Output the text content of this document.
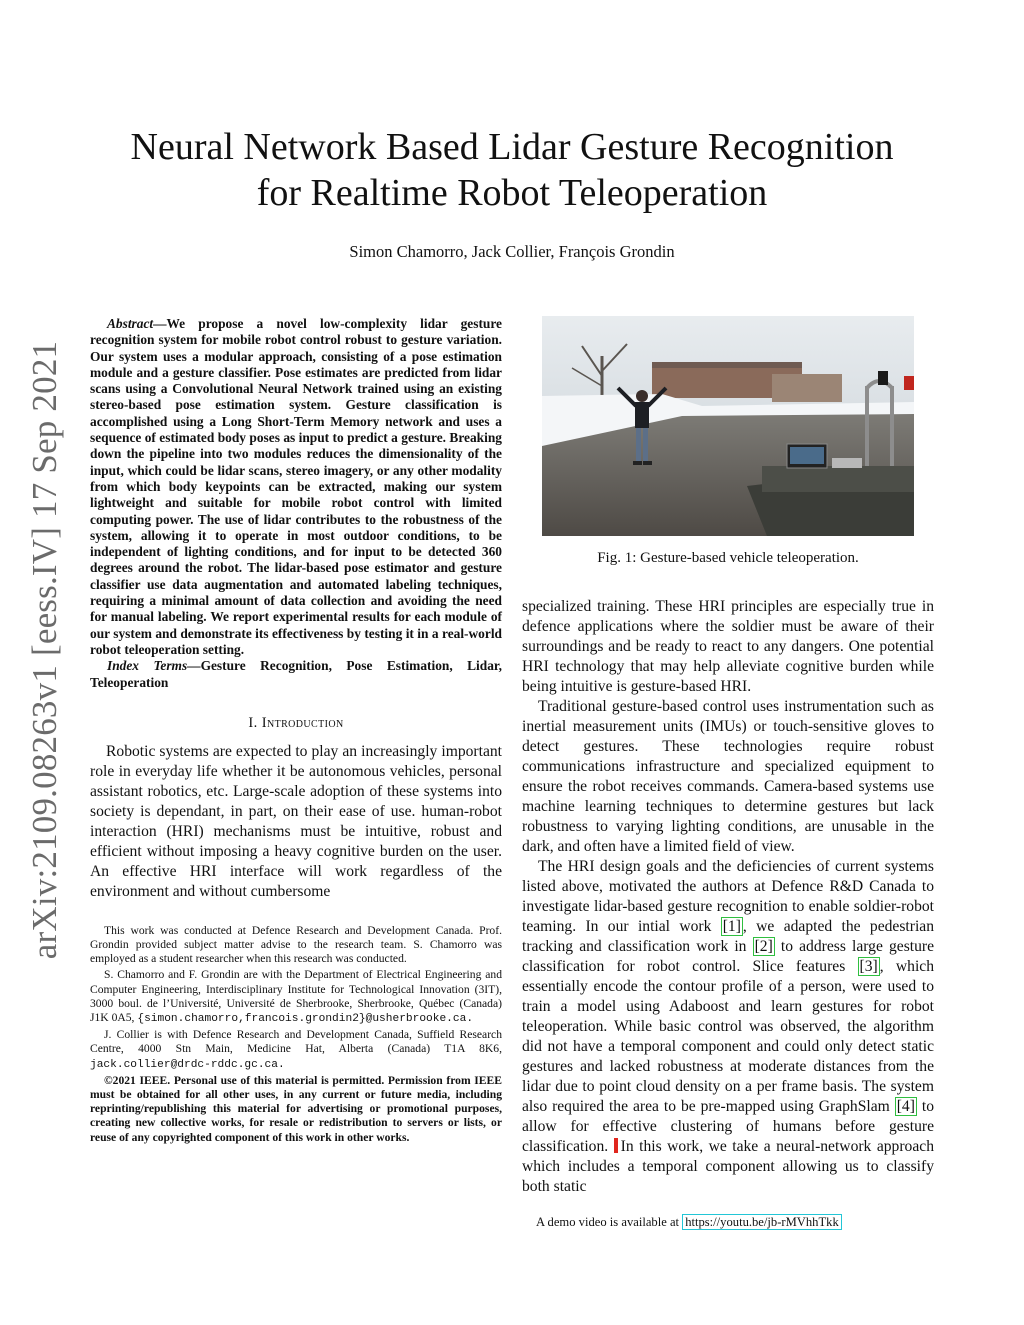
arXiv:2109.08263v1 [eess.IV] 17 Sep 2021
Neural Network Based Lidar Gesture Recognition
for Realtime Robot Teleoperation
Simon Chamorro, Jack Collier, François Grondin

Abstract—We propose a novel low-complexity lidar gesture recognition system for mobile robot control robust to gesture variation. Our system uses a modular approach, consisting of a pose estimation module and a gesture classifier. Pose estimates are predicted from lidar scans using a Convolutional Neural Network trained using an existing stereo-based pose estimation system. Gesture classification is accomplished using a Long Short-Term Memory network and uses a sequence of estimated body poses as input to predict a gesture. Breaking down the pipeline into two modules reduces the dimensionality of the input, which could be lidar scans, stereo imagery, or any other modality from which body keypoints can be extracted, making our system lightweight and suitable for mobile robot control with limited computing power. The use of lidar contributes to the robustness of the system, allowing it to operate in most outdoor conditions, to be independent of lighting conditions, and for input to be detected 360 degrees around the robot. The lidar-based pose estimator and gesture classifier use data augmentation and automated labeling techniques, requiring a minimal amount of data collection and avoiding the need for manual labeling. We report experimental results for each module of our system and demonstrate its effectiveness by testing it in a real-world robot teleoperation setting.

Index Terms—Gesture Recognition, Pose Estimation, Lidar, Teleoperation

I. Introduction

Robotic systems are expected to play an increasingly important role in everyday life whether it be autonomous vehicles, personal assistant robotics, etc. Large-scale adoption of these systems into society is dependant, in part, on their ease of use. human-robot interaction (HRI) mechanisms must be intuitive, robust and efficient without imposing a heavy cognitive burden on the user. An effective HRI interface will work regardless of the environment and without cumbersome

This work was conducted at Defence Research and Development Canada. Prof. Grondin provided subject matter advise to the research team. S. Chamorro was employed as a student researcher when this research was conducted.

S. Chamorro and F. Grondin are with the Department of Electrical Engineering and Computer Engineering, Interdisciplinary Institute for Technological Innovation (3IT), 3000 boul. de l’Université, Université de Sherbrooke, Sherbrooke, Québec (Canada) J1K 0A5, {simon.chamorro,francois.grondin2}@usherbrooke.ca.

J. Collier is with Defence Research and Development Canada, Suffield Research Centre, 4000 Stn Main, Medicine Hat, Alberta (Canada) T1A 8K6, jack.collier@drdc-rddc.gc.ca.

©2021 IEEE. Personal use of this material is permitted. Permission from IEEE must be obtained for all other uses, in any current or future media, including reprinting/republishing this material for advertising or promotional purposes, creating new collective works, for resale or redistribution to servers or lists, or reuse of any copyrighted component of this work in other works.

Fig. 1: Gesture-based vehicle teleoperation.

specialized training. These HRI principles are especially true in defence applications where the soldier must be aware of their surroundings and be ready to react to any dangers. One potential HRI technology that may help alleviate cognitive burden while being intuitive is gesture-based HRI.

Traditional gesture-based control uses instrumentation such as inertial measurement units (IMUs) or touch-sensitive gloves to detect gestures. These technologies require robust communications infrastructure and specialized equipment to ensure the robot receives commands. Camera-based systems use machine learning techniques to determine gestures but lack robustness to varying lighting conditions, are unusable in the dark, and often have a limited field of view.

The HRI design goals and the deficiencies of current systems listed above, motivated the authors at Defence R&D Canada to investigate lidar-based gesture recognition to enable soldier-robot teaming. In our intial work [1] , we adapted the pedestrian tracking and classification work in [2] to address large gesture classification for robot control. Slice features [3] , which essentially encode the contour profile of a person, were used to train a model using Adaboost and learn gestures for robot teleoperation. While basic control was observed, the algorithm did not have a temporal component and could only detect static gestures and lacked robustness at moderate distances from the lidar due to point cloud density on a per frame basis. The system also required the area to be pre-mapped using GraphSlam [4] to allow for effective clustering of humans before gesture classification. In this work, we take a neural-network approach which includes a temporal component allowing us to classify both static

A demo video is available at https://youtu.be/jb-rMVhhTkk
